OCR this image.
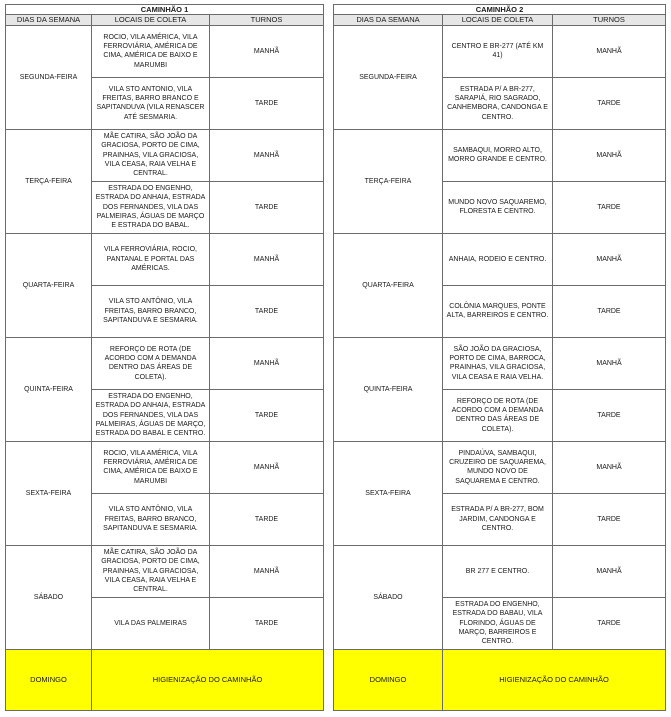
CAMINHÃO 1		
DIAS DA SEMANA	LOCAIS DE COLETA	TURNOS
SEGUNDA-FEIRA	ROCIO, VILA AMÉRICA, VILA FERROVIÁRIA, AMÉRICA DE CIMA, AMÉRICA DE BAIXO E MARUMBI	MANHÃ
	VILA STO ANTONIO, VILA FREITAS, BARRO BRANCO E SAPITANDUVA (VILA RENASCER ATÉ SESMARIA.	TARDE
TERÇA-FEIRA	MÃE CATIRA, SÃO JOÃO DA GRACIOSA, PORTO DE CIMA, PRAINHAS, VILA GRACIOSA, VILA CEASA, RAIA VELHA E CENTRAL.	MANHÃ
	ESTRADA DO ENGENHO, ESTRADA DO ANHAIA, ESTRADA DOS FERNANDES, VILA DAS PALMEIRAS, ÁGUAS DE MARÇO E ESTRADA DO BABAL.	TARDE
QUARTA-FEIRA	VILA FERROVIÁRIA, ROCIO, PANTANAL E PORTAL DAS AMÉRICAS.	MANHÃ
	VILA STO ANTÔNIO, VILA FREITAS, BARRO BRANCO, SAPITANDUVA E SESMARIA.	TARDE
QUINTA-FEIRA	REFORÇO DE ROTA (DE ACORDO COM A DEMANDA DENTRO DAS ÁREAS DE COLETA).	MANHÃ
	ESTRADA DO ENGENHO, ESTRADA DO ANHAIA, ESTRADA DOS FERNANDES, VILA DAS PALMEIRAS, ÁGUAS DE MARÇO, ESTRADA DO BABAL E CENTRO.	TARDE
SEXTA-FEIRA	ROCIO, VILA AMÉRICA, VILA FERROVIÁRIA, AMÉRICA DE CIMA, AMÉRICA DE BAIXO E MARUMBI	MANHÃ
	VILA STO ANTÔNIO, VILA FREITAS, BARRO BRANCO, SAPITANDUVA E SESMARIA.	TARDE
SÁBADO	MÃE CATIRA, SÃO JOÃO DA GRACIOSA, PORTO DE CIMA, PRAINHAS, VILA GRACIOSA, VILA CEASA, RAIA VELHA E CENTRAL.	MANHÃ
	VILA DAS PALMEIRAS	TARDE
DOMINGO	HIGIENIZAÇÃO DO CAMINHÃO	
CAMINHÃO 2		
DIAS DA SEMANA	LOCAIS DE COLETA	TURNOS
SEGUNDA-FEIRA	CENTRO E BR-277 (ATÉ KM 41)	MANHÃ
	ESTRADA P/ A BR-277, SARAPIÁ, RIO SAGRADO, CANHEMBORA, CANDONGA E CENTRO.	TARDE
TERÇA-FEIRA	SAMBAQUI, MORRO ALTO, MORRO GRANDE E CENTRO.	MANHÃ
	MUNDO NOVO SAQUAREMO, FLORESTA E CENTRO.	TARDE
QUARTA-FEIRA	ANHAIA, RODEIO E CENTRO.	MANHÃ
	COLÔNIA MARQUES, PONTE ALTA, BARREIROS E CENTRO.	TARDE
QUINTA-FEIRA	SÃO JOÃO DA GRACIOSA, PORTO DE CIMA, BARROCA, PRAINHAS, VILA GRACIOSA, VILA CEASA E RAIA VELHA.	MANHÃ
	REFORÇO DE ROTA (DE ACORDO COM A DEMANDA DENTRO DAS ÁREAS DE COLETA).	TARDE
SEXTA-FEIRA	PINDAÚVA, SAMBAQUI, CRUZEIRO DE SAQUAREMA, MUNDO NOVO DE SAQUAREMA E CENTRO.	MANHÃ
	ESTRADA P/ A BR-277, BOM JARDIM, CANDONGA E CENTRO.	TARDE
SÁBADO	BR 277 E CENTRO.	MANHÃ
	ESTRADA DO ENGENHO, ESTRADA DO BABAU, VILA FLORINDO, ÁGUAS DE MARÇO, BARREIROS E CENTRO.	TARDE
DOMINGO	HIGIENIZAÇÃO DO CAMINHÃO	
